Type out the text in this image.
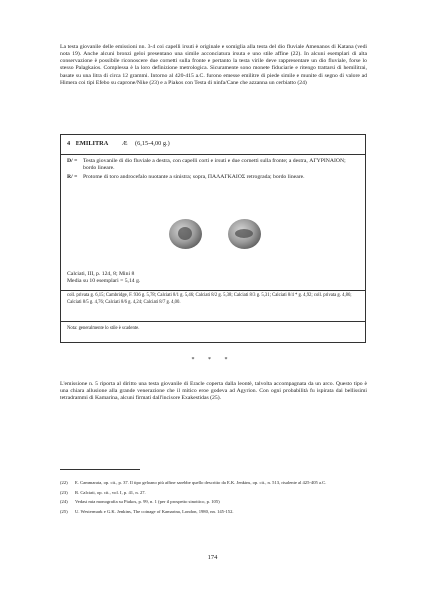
La testa giovanile delle emissioni nn. 3-4 coi capelli irsuti è originale e somiglia alla testa del dio fluviale Amenanos di Katana (vedi nota 19). Anche alcuni bronzi geloi presentano una simile acconciatura irsuta e uno stile affine (22). In alcuni esemplari di alta conservazione è possibile riconoscere due cornetti sulla fronte e pertanto la testa virile deve rappresentare un dio fluviale, forse lo stesso Palagkaios. Complessa è la loro definizione metrologica. Sicuramente sono monete fiduciarie e ritengo trattarsi di hemilitrai, basate su una litra di circa 12 grammi. Intorno al 420-415 a.C. furono emesse emilitre di piede simile e munite di segno di valore ad Himera coi tipi Efebo su caprone/Nike (23) e a Piakos con Testa di ninfa/Cane che azzanna un cerbiatto (24)

4 EMILITRA Æ (6,15-4,00 g.)
D/ = Testa giovanile di dio fluviale a destra, con capelli corti e irsuti e due cornetti sulla fronte; a destra, ΑΓΥΡΙΝΑΙΟΝ; bordo lineare.
R/ = Protome di toro androcefalo nuotante a sinistra; sopra, ΠΑΛΑΓΚΑΙΟΣ retrograda; bordo lineare.
Calciati, III, p. 124, 8; Mini 8
Media su 10 esemplari = 5,14 g.
coll. privata g. 6,15; Cambridge, F. 936 g. 5,78; Calciati 8/1 g. 5,46; Calciati 8/2 g. 5,38; Calciati 8/3 g. 5,31; Calciati 8/4 * g. 4,92; coll. privata g. 4,86; Calciati 8/5 g. 4,76; Calciati 8/6 g. 4,24; Calciati 8/7 g. 4,00.
Nota: generalmente lo stile è scadente.
* * *

L'emissione n. 5 riporta al diritto una testa giovanile di Eracle coperta dalla leontè, talvolta accompagnata da un arco. Questo tipo è una chiara allusione alla grande venerazione che il mitico eroe godeva ad Agyrion. Con ogni probabilità fu ispirata dai bellissimi tetradrammi di Kamarina, alcuni firmati dall'incisore Exakestidas (25).

(22)	E. Cammarata, op. cit., p. 37. Il tipo geloano più affine sarebbe quello descritto da E.K. Jenkins, op. cit., n. 513, risalente al 425-405 a.C.
(23)	R. Calciati, op. cit., vol. I, p. 41, n. 27.
(24)	Vedasi mia monografia su Piakos, p. 99, n. 1 (per il prospetto sinottico, p. 105)
(25)	U. Westermark e G.K. Jenkins, The coinage of Kamarina, London, 1980, nn. 145-152.
174
